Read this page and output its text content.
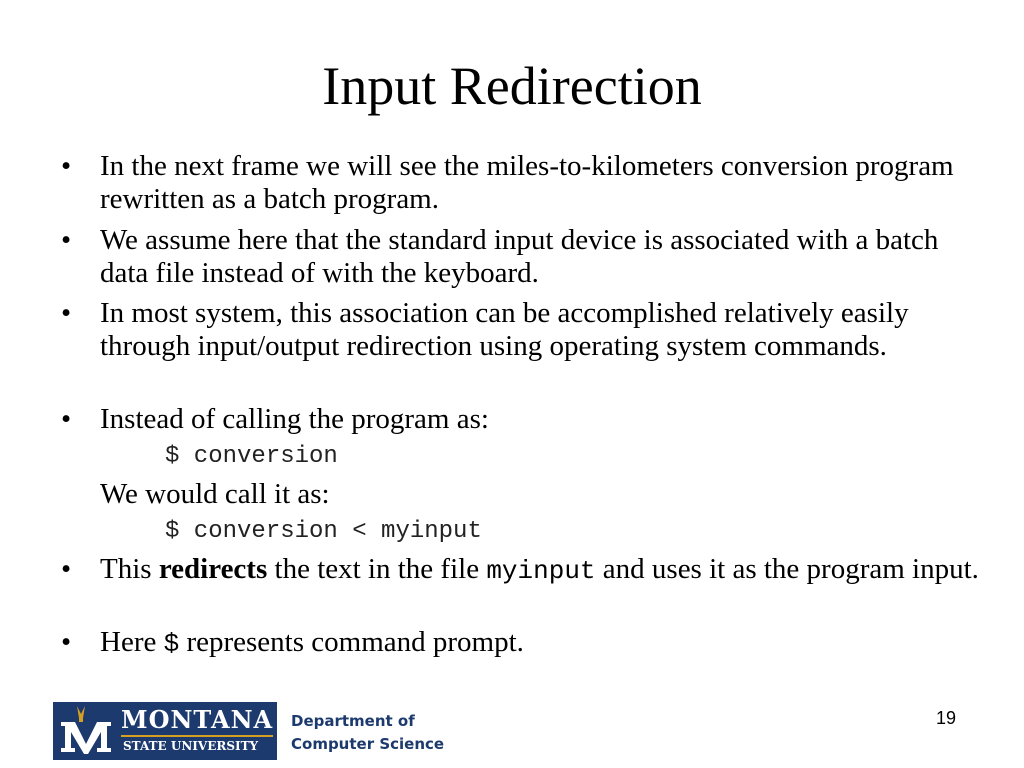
Input Redirection
• In the next frame we will see the miles-to-kilometers conversion program rewritten as a batch program.
• We assume here that the standard input device is associated with a batch data file instead of with the keyboard.
• In most system, this association can be accomplished relatively easily through input/output redirection using operating system commands.
• Instead of calling the program as:
$ conversion
We would call it as:
$ conversion < myinput
• This redirects the text in the file myinput and uses it as the program input.
• Here $ represents command prompt.
19
MONTANA
STATE UNIVERSITY
Department of
Computer Science
